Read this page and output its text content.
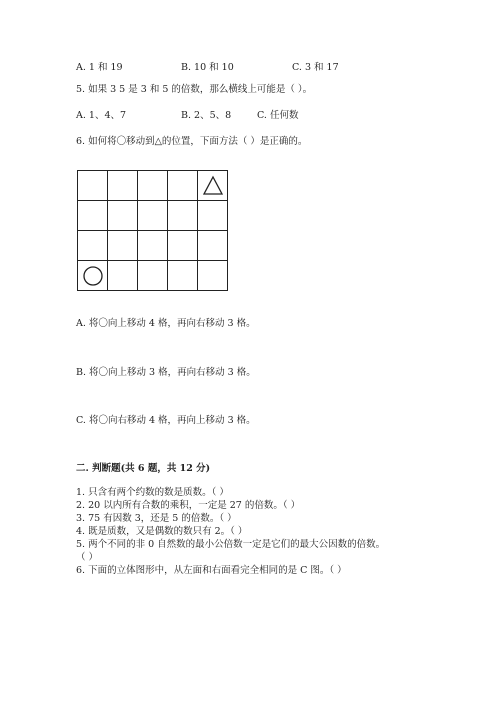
A. 1 和 19	B. 10 和 10	C. 3 和 17
5. 如果 3 5 是 3 和 5 的倍数，那么横线上可能是（ ）。
A. 1、4、7	B. 2、5、8	C. 任何数
6. 如何将〇移动到△的位置，下面方法（ ）是正确的。
A. 将〇向上移动 4 格，再向右移动 3 格。
B. 将〇向上移动 3 格，再向右移动 3 格。
C. 将〇向右移动 4 格，再向上移动 3 格。
二. 判断题(共 6 题，共 12 分)
1. 只含有两个约数的数是质数。（ ）
2. 20 以内所有合数的乘积，一定是 27 的倍数。（ ）
3. 75 有因数 3，还是 5 的倍数。（ ）
4. 既是质数，又是偶数的数只有 2。（ ）
5. 两个不同的非 0 自然数的最小公倍数一定是它们的最大公因数的倍数。
（ ）
6. 下面的立体图形中，从左面和右面看完全相同的是 C 图。（ ）
